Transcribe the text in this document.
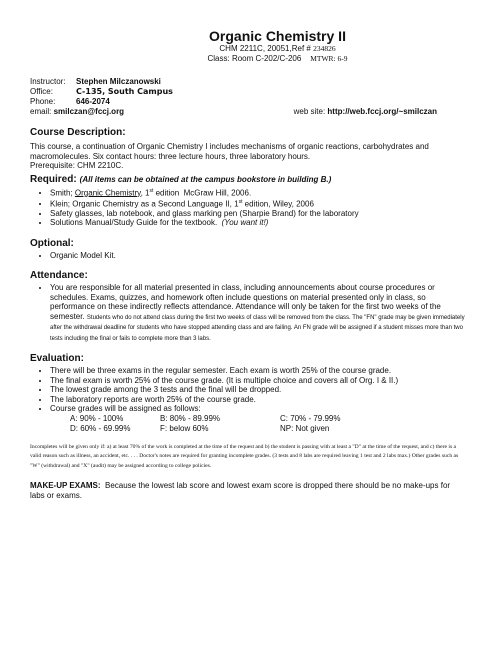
Organic Chemistry II
CHM 2211C, 20051,Ref # 234826
Class: Room C-202/C-206 MTWR: 6-9
Instructor:	Stephen Milczanowski
Office:	C-135, South Campus
Phone:	646-2074
email: smilczan@fccj.org	web site: http://web.fccj.org/~smilczan
Course Description:

This course, a continuation of Organic Chemistry I includes mechanisms of organic reactions, carbohydrates and macromolecules. Six contact hours: three lecture hours, three laboratory hours.

Prerequisite: CHM 2210C.

Required: (All items can be obtained at the campus bookstore in building B.)
• Smith; Organic Chemistry, 1st edition  McGraw Hill, 2006.
• Klein; Organic Chemistry as a Second Language II, 1st edition, Wiley, 2006
• Safety glasses, lab notebook, and glass marking pen (Sharpie Brand) for the laboratory
• Solutions Manual/Study Guide for the textbook.  (You want it!)
Optional:
• Organic Model Kit.
Attendance:
• You are responsible for all material presented in class, including announcements about course procedures or schedules. Exams, quizzes, and homework often include questions on material presented only in class, so performance on these indirectly reflects attendance. Attendance will only be taken for the first two weeks of the semester. Students who do not attend class during the first two weeks of class will be removed from the class. The "FN" grade may be given immediately after the withdrawal deadline for students who have stopped attending class and are failing. An FN grade will be assigned if a student misses more than two tests including the final or fails to complete more than 3 labs.
Evaluation:
• There will be three exams in the regular semester. Each exam is worth 25% of the course grade.
• The final exam is worth 25% of the course grade. (It is multiple choice and covers all of Org. I & II.)
• The lowest grade among the 3 tests and the final will be dropped.
• The laboratory reports are worth 25% of the course grade.
• Course grades will be assigned as follows:
A: 90% - 100%	B: 80% - 89.99%	C: 70% - 79.99%
D: 60% - 69.99%	F: below 60%	NP: Not given
Incompletes will be given only if: a) at least 70% of the work is completed at the time of the request and b) the student is passing with at least a "D" at the time of the request, and c) there is a valid reason such as illness, an accident, etc. . . . Doctor's notes are required for granting incomplete grades. (3 tests and 8 labs are required leaving 1 test and 2 labs max.) Other grades such as "W" (withdrawal) and "X" (audit) may be assigned according to college policies.
MAKE-UP EXAMS: Because the lowest lab score and lowest exam score is dropped there should be no make-ups for labs or exams.
